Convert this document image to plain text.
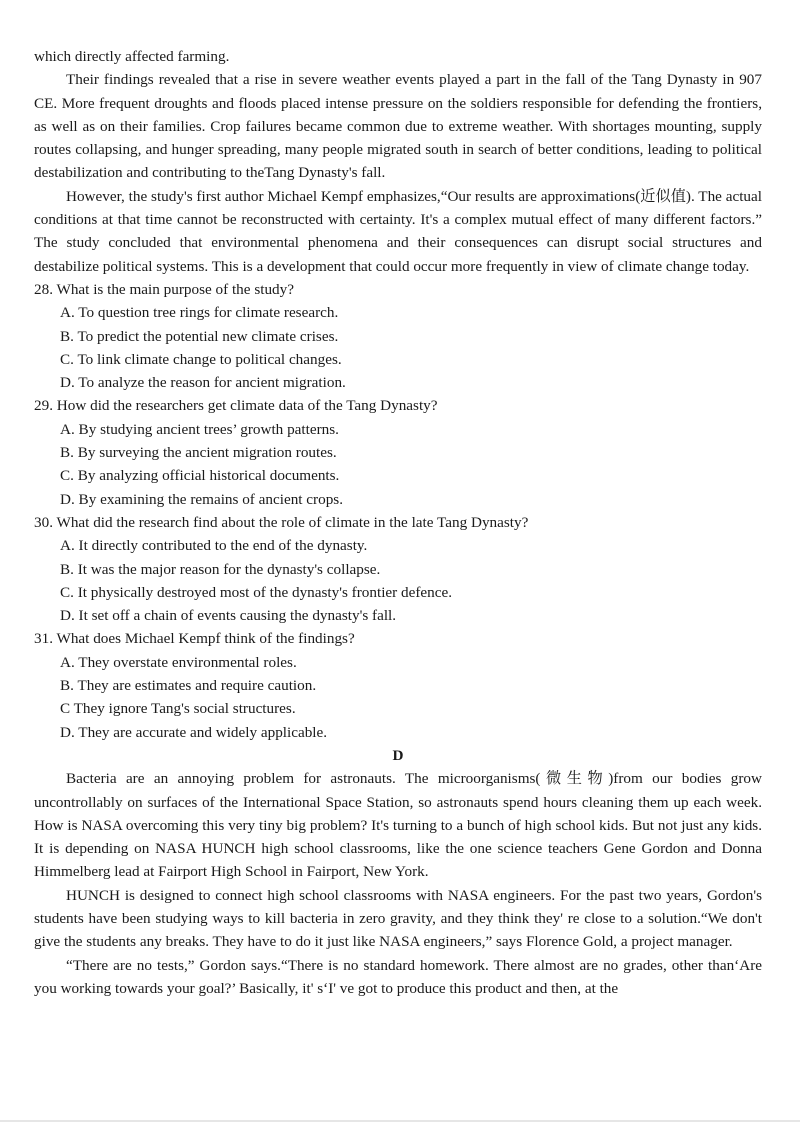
which directly affected farming.

Their findings revealed that a rise in severe weather events played a part in the fall of the Tang Dynasty in 907 CE. More frequent droughts and floods placed intense pressure on the soldiers responsible for defending the frontiers, as well as on their families. Crop failures became common due to extreme weather. With shortages mounting, supply routes collapsing, and hunger spreading, many people migrated south in search of better conditions, leading to political destabilization and contributing to theTang Dynasty's fall.

However, the study's first author Michael Kempf emphasizes,“Our results are approximations(近似值). The actual conditions at that time cannot be reconstructed with certainty. It's a complex mutual effect of many different factors.” The study concluded that environmental phenomena and their consequences can disrupt social structures and destabilize political systems. This is a development that could occur more frequently in view of climate change today.

28. What is the main purpose of the study?

A. To question tree rings for climate research.

B. To predict the potential new climate crises.

C. To link climate change to political changes.

D. To analyze the reason for ancient migration.

29. How did the researchers get climate data of the Tang Dynasty?

A. By studying ancient trees’ growth patterns.

B. By surveying the ancient migration routes.

C. By analyzing official historical documents.

D. By examining the remains of ancient crops.

30. What did the research find about the role of climate in the late Tang Dynasty?

A. It directly contributed to the end of the dynasty.

B. It was the major reason for the dynasty's collapse.

C. It physically destroyed most of the dynasty's frontier defence.

D. It set off a chain of events causing the dynasty's fall.

31. What does Michael Kempf think of the findings?

A. They overstate environmental roles.

B. They are estimates and require caution.

C They ignore Tang's social structures.

D. They are accurate and widely applicable.

D

Bacteria are an annoying problem for astronauts. The microorganisms(微生物)from our bodies grow uncontrollably on surfaces of the International Space Station, so astronauts spend hours cleaning them up each week. How is NASA overcoming this very tiny big problem? It's turning to a bunch of high school kids. But not just any kids. It is depending on NASA HUNCH high school classrooms, like the one science teachers Gene Gordon and Donna Himmelberg lead at Fairport High School in Fairport, New York.

HUNCH is designed to connect high school classrooms with NASA engineers. For the past two years, Gordon's students have been studying ways to kill bacteria in zero gravity, and they think they' re close to a solution.“We don't give the students any breaks. They have to do it just like NASA engineers,” says Florence Gold, a project manager.

“There are no tests,” Gordon says.“There is no standard homework. There almost are no grades, other than‘Are you working towards your goal?’ Basically, it' s‘I' ve got to produce this product and then, at the
